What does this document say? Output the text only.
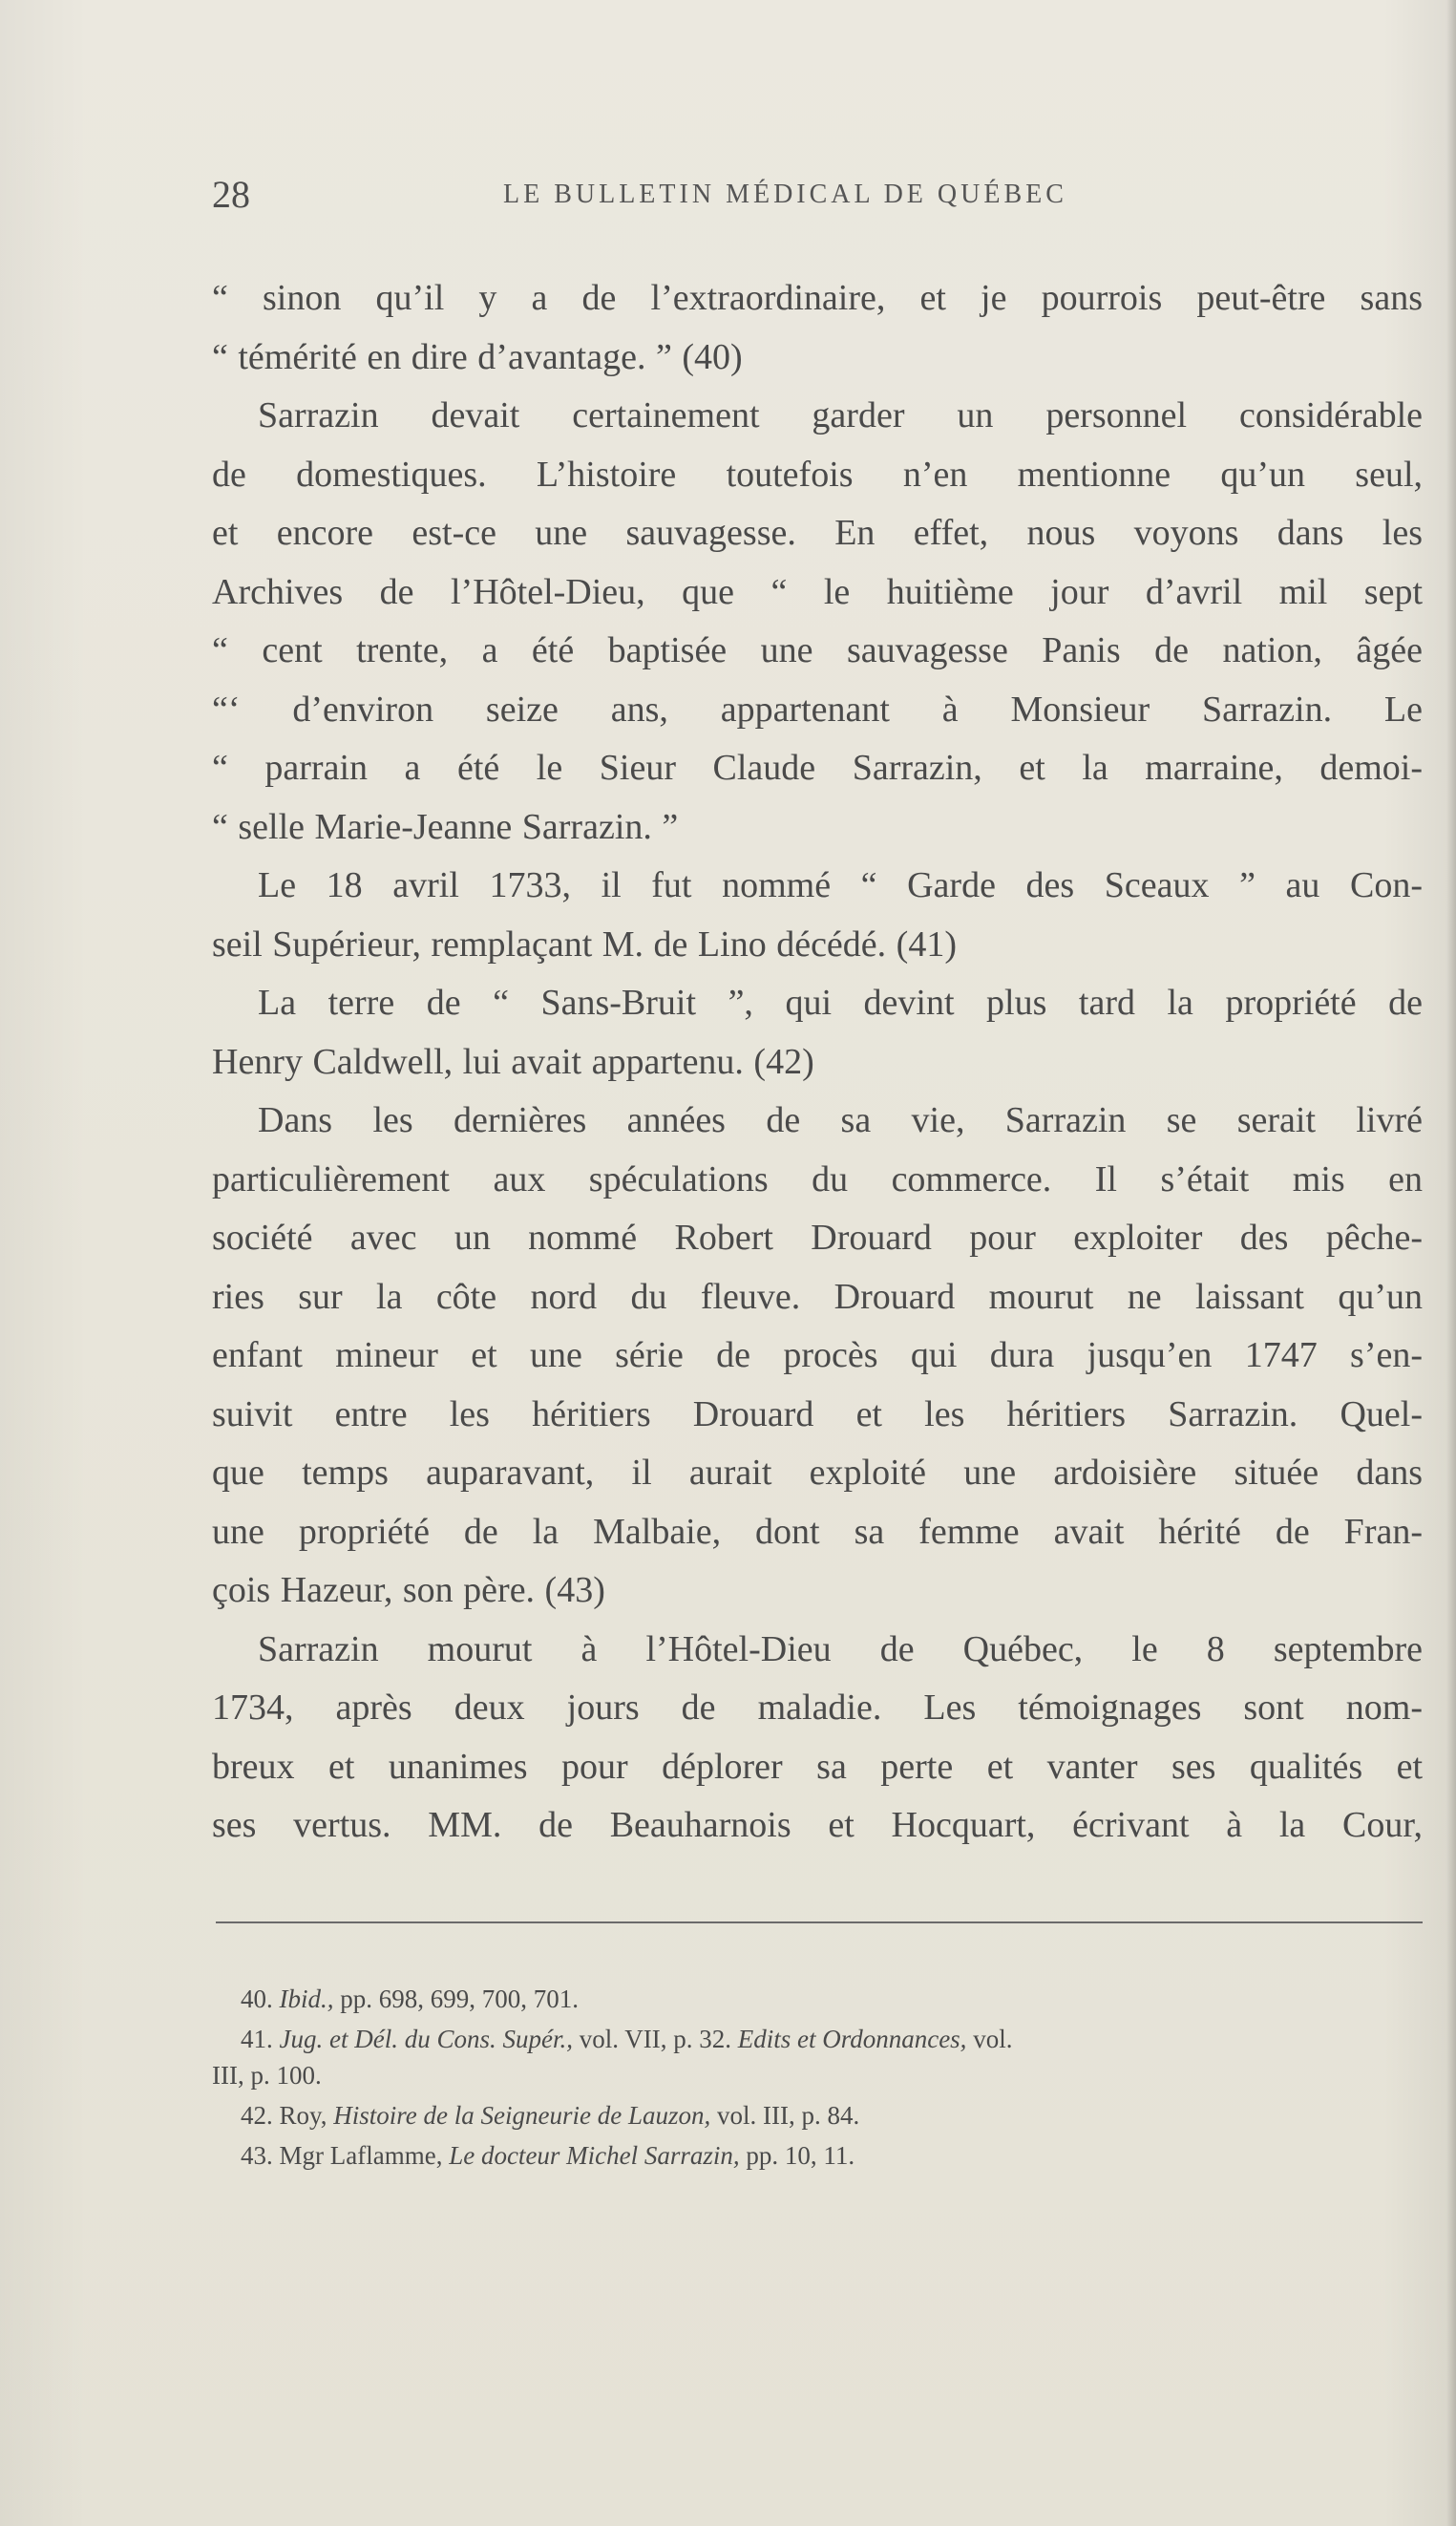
28	LE BULLETIN MÉDICAL DE QUÉBEC
“ sinon qu’il y a de l’extraordinaire, et je pourrois peut-être sans
“ témérité en dire d’avantage. ” (40)
Sarrazin devait certainement garder un personnel considérable
de domestiques. L’histoire toutefois n’en mentionne qu’un seul,
et encore est-ce une sauvagesse. En effet, nous voyons dans les
Archives de l’Hôtel-Dieu, que “ le huitième jour d’avril mil sept
“ cent trente, a été baptisée une sauvagesse Panis de nation, âgée
“‘ d’environ seize ans, appartenant à Monsieur Sarrazin. Le
“ parrain a été le Sieur Claude Sarrazin, et la marraine, demoi-
“ selle Marie-Jeanne Sarrazin. ”
Le 18 avril 1733, il fut nommé “ Garde des Sceaux ” au Con-
seil Supérieur, remplaçant M. de Lino décédé. (41)
La terre de “ Sans-Bruit ”, qui devint plus tard la propriété de
Henry Caldwell, lui avait appartenu. (42)
Dans les dernières années de sa vie, Sarrazin se serait livré
particulièrement aux spéculations du commerce. Il s’était mis en
société avec un nommé Robert Drouard pour exploiter des pêche-
ries sur la côte nord du fleuve. Drouard mourut ne laissant qu’un
enfant mineur et une série de procès qui dura jusqu’en 1747 s’en-
suivit entre les héritiers Drouard et les héritiers Sarrazin. Quel-
que temps auparavant, il aurait exploité une ardoisière située dans
une propriété de la Malbaie, dont sa femme avait hérité de Fran-
çois Hazeur, son père. (43)
Sarrazin mourut à l’Hôtel-Dieu de Québec, le 8 septembre
1734, après deux jours de maladie. Les témoignages sont nom-
breux et unanimes pour déplorer sa perte et vanter ses qualités et
ses vertus. MM. de Beauharnois et Hocquart, écrivant à la Cour,
40. Ibid., pp. 698, 699, 700, 701.
41. Jug. et Dél. du Cons. Supér., vol. VII, p. 32. Edits et Ordonnances, vol.
III, p. 100.
42. Roy, Histoire de la Seigneurie de Lauzon, vol. III, p. 84.
43. Mgr Laflamme, Le docteur Michel Sarrazin, pp. 10, 11.
